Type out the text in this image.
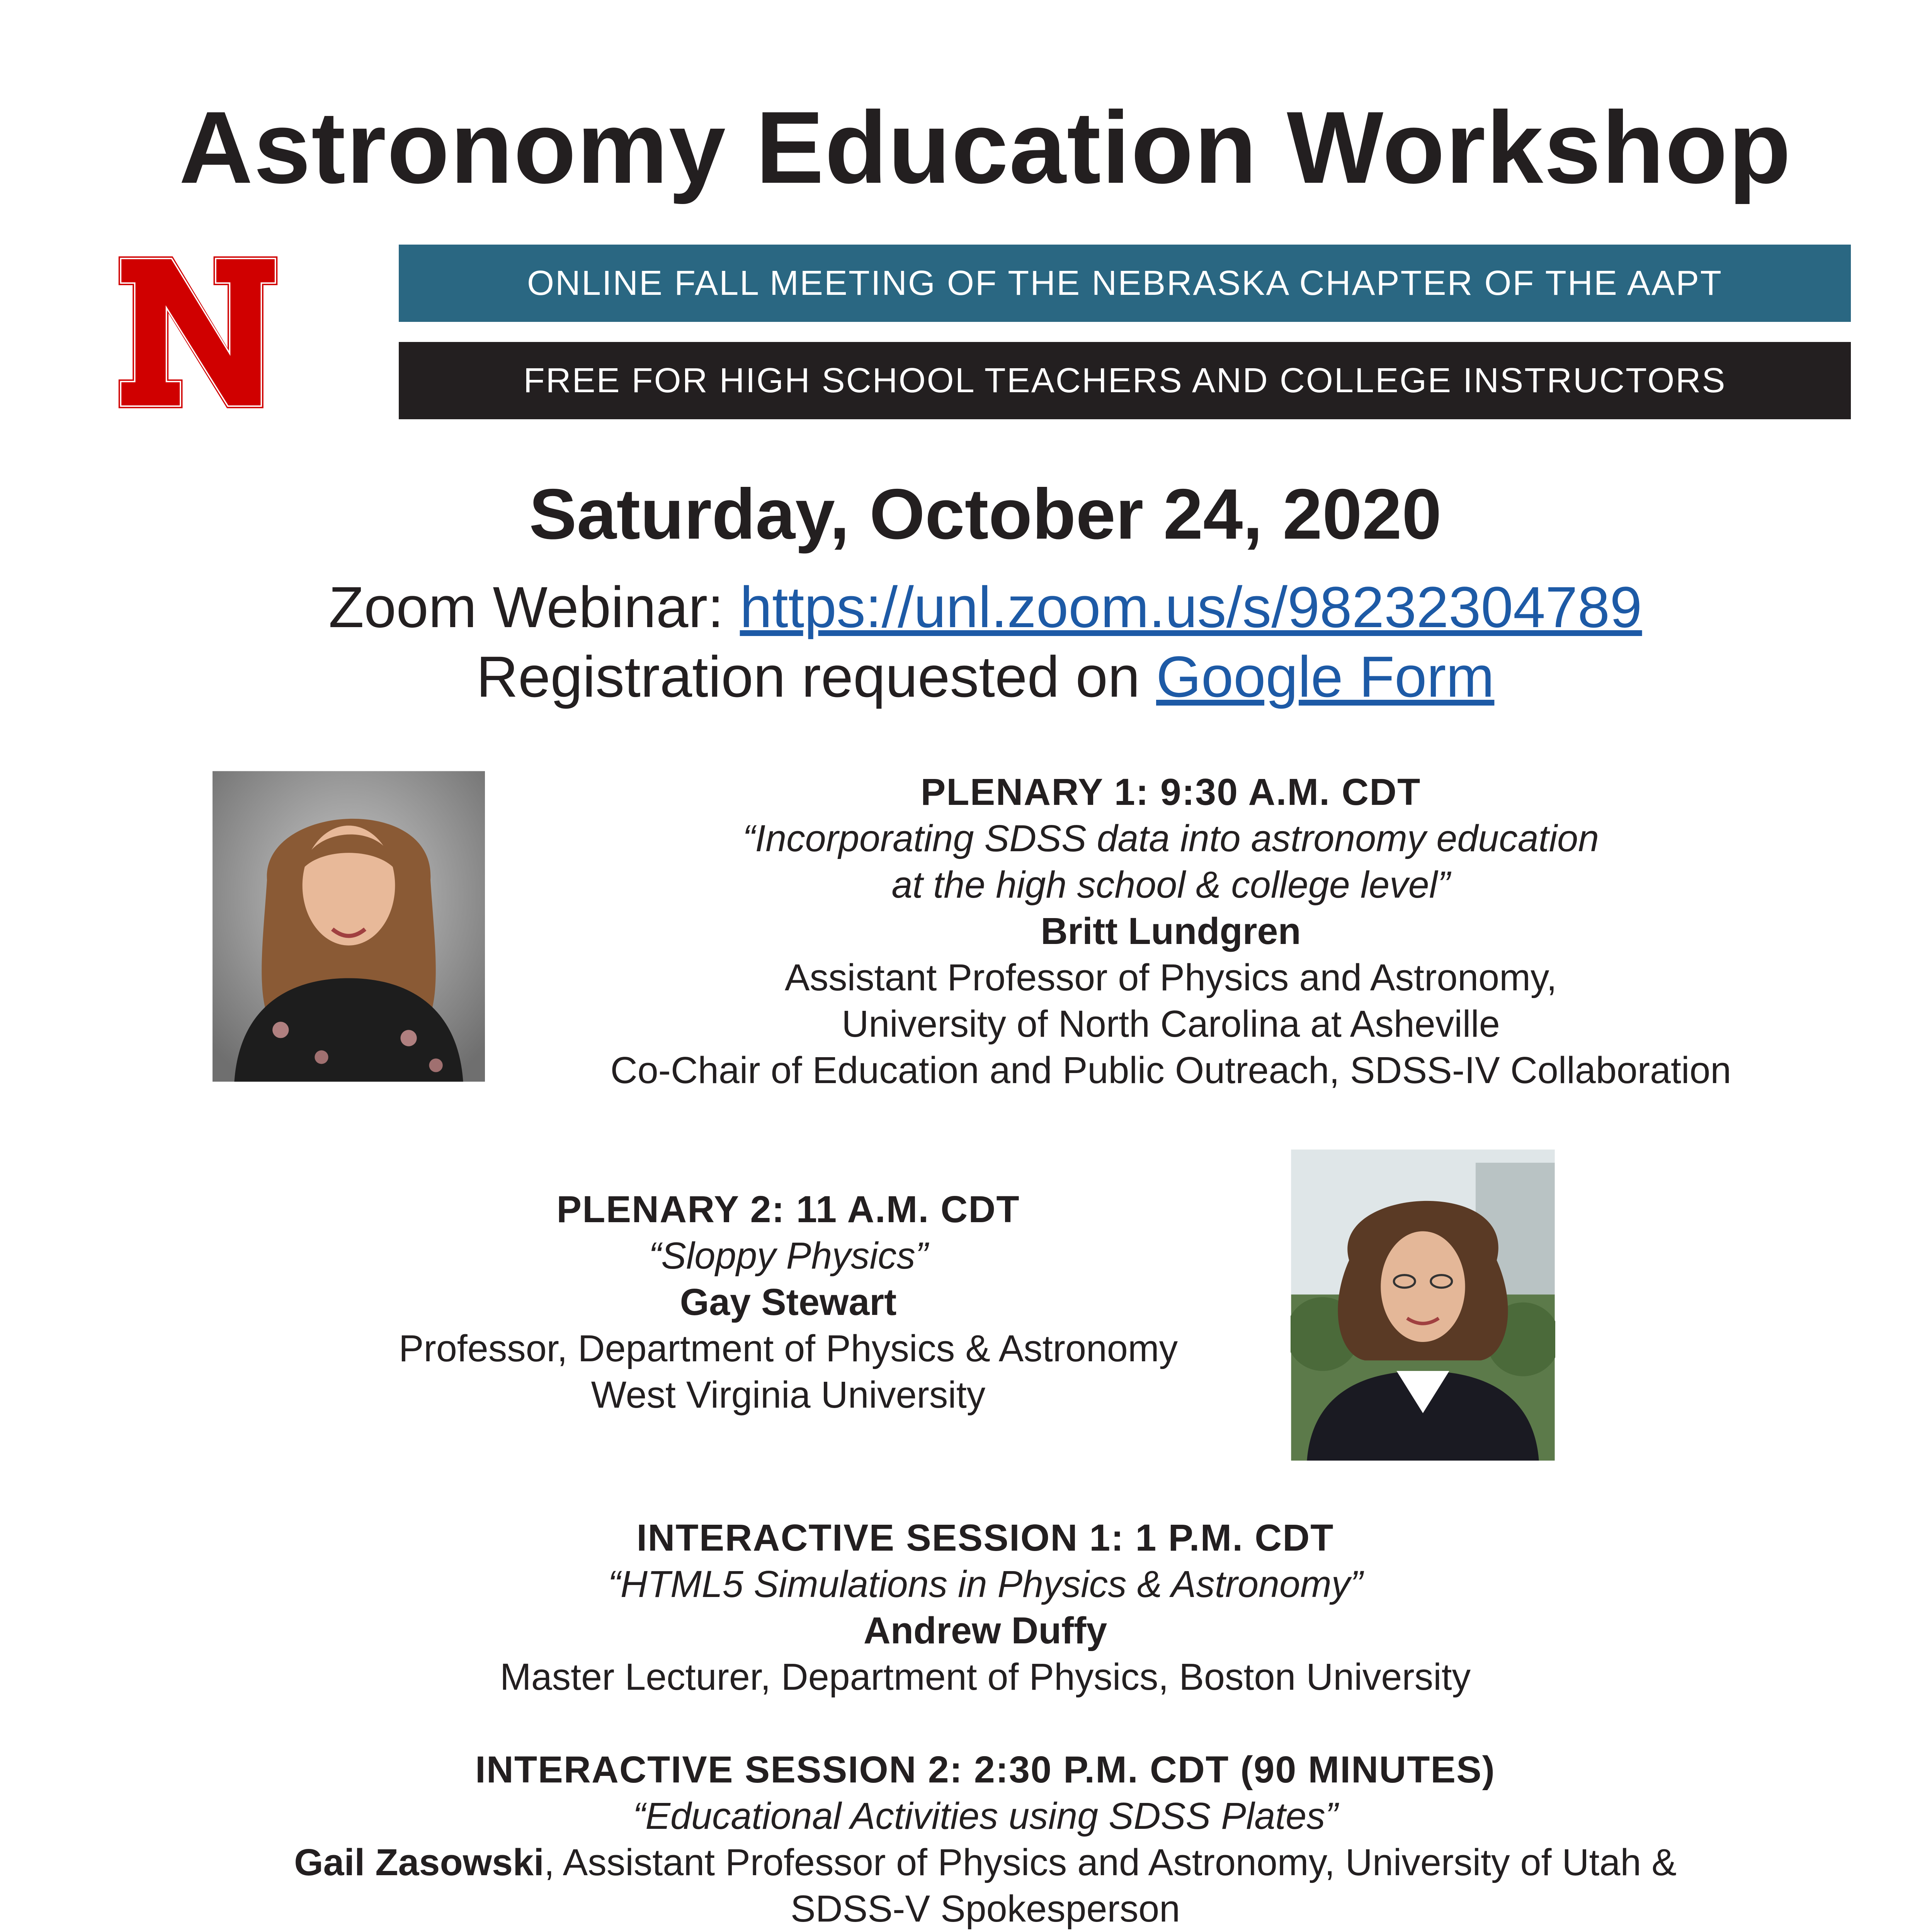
Astronomy Education Workshop
ONLINE FALL MEETING OF THE NEBRASKA CHAPTER OF THE AAPT
FREE FOR HIGH SCHOOL TEACHERS AND COLLEGE INSTRUCTORS
Saturday, October 24, 2020
Zoom Webinar: https://unl.zoom.us/s/98232304789
Registration requested on Google Form
PLENARY 1: 9:30 A.M. CDT
“Incorporating SDSS data into astronomy education
at the high school & college level”
Britt Lundgren
Assistant Professor of Physics and Astronomy,
University of North Carolina at Asheville
Co-Chair of Education and Public Outreach, SDSS-IV Collaboration
PLENARY 2: 11 A.M. CDT
“Sloppy Physics”
Gay Stewart
Professor, Department of Physics & Astronomy
West Virginia University
INTERACTIVE SESSION 1: 1 P.M. CDT
“HTML5 Simulations in Physics & Astronomy”
Andrew Duffy
Master Lecturer, Department of Physics, Boston University
INTERACTIVE SESSION 2: 2:30 P.M. CDT (90 MINUTES)
“Educational Activities using SDSS Plates”
Gail Zasowski, Assistant Professor of Physics and Astronomy, University of Utah &
SDSS-V Spokesperson
